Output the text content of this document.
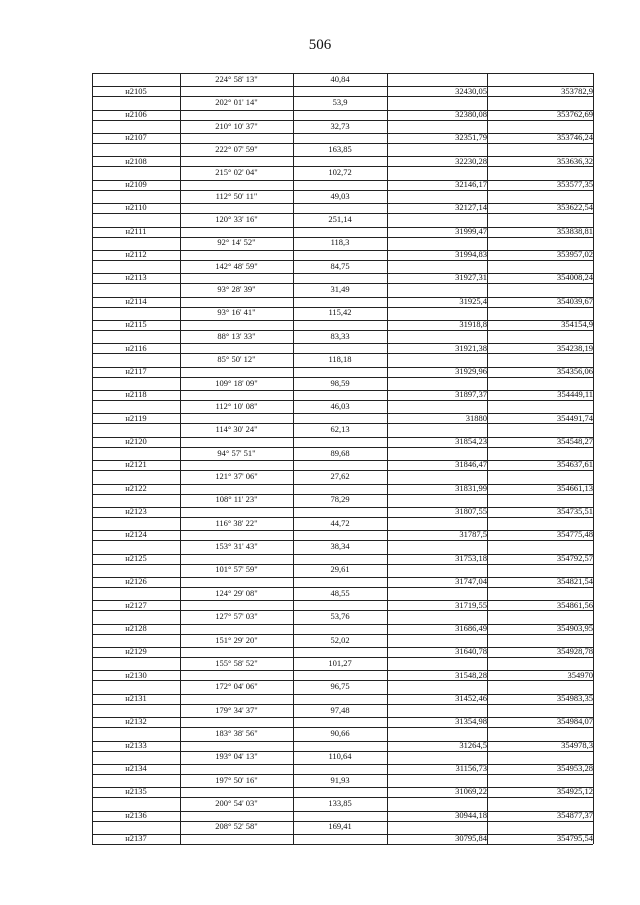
506
224° 58' 13"	40,84
н2105	32430,05	353782,9
202° 01' 14"	53,9
н2106	32380,08	353762,69
210° 10' 37"	32,73
н2107	32351,79	353746,24
222° 07' 59"	163,85
н2108	32230,28	353636,32
215° 02' 04"	102,72
н2109	32146,17	353577,35
112° 50' 11"	49,03
н2110	32127,14	353622,54
120° 33' 16"	251,14
н2111	31999,47	353838,81
92° 14' 52"	118,3
н2112	31994,83	353957,02
142° 48' 59"	84,75
н2113	31927,31	354008,24
93° 28' 39"	31,49
н2114	31925,4	354039,67
93° 16' 41"	115,42
н2115	31918,8	354154,9
88° 13' 33"	83,33
н2116	31921,38	354238,19
85° 50' 12"	118,18
н2117	31929,96	354356,06
109° 18' 09"	98,59
н2118	31897,37	354449,11
112° 10' 08"	46,03
н2119	31880	354491,74
114° 30' 24"	62,13
н2120	31854,23	354548,27
94° 57' 51"	89,68
н2121	31846,47	354637,61
121° 37' 06"	27,62
н2122	31831,99	354661,13
108° 11' 23"	78,29
н2123	31807,55	354735,51
116° 38' 22"	44,72
н2124	31787,5	354775,48
153° 31' 43"	38,34
н2125	31753,18	354792,57
101° 57' 59"	29,61
н2126	31747,04	354821,54
124° 29' 08"	48,55
н2127	31719,55	354861,56
127° 57' 03"	53,76
н2128	31686,49	354903,95
151° 29' 20"	52,02
н2129	31640,78	354928,78
155° 58' 52"	101,27
н2130	31548,28	354970
172° 04' 06"	96,75
н2131	31452,46	354983,35
179° 34' 37"	97,48
н2132	31354,98	354984,07
183° 38' 56"	90,66
н2133	31264,5	354978,3
193° 04' 13"	110,64
н2134	31156,73	354953,28
197° 50' 16"	91,93
н2135	31069,22	354925,12
200° 54' 03"	133,85
н2136	30944,18	354877,37
208° 52' 58"	169,41
н2137	30795,84	354795,54
